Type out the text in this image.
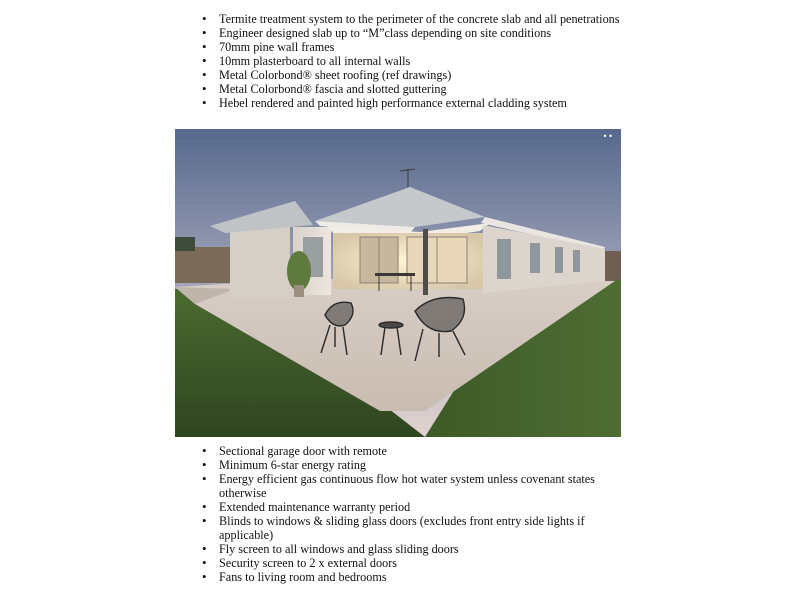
• Termite treatment system to the perimeter of the concrete slab and all penetrations
• Engineer designed slab up to “M”class depending on site conditions
• 70mm pine wall frames
• 10mm plasterboard to all internal walls
• Metal Colorbond® sheet roofing (ref drawings)
• Metal Colorbond® fascia and slotted guttering
• Hebel rendered and painted high performance external cladding system
••
• Sectional garage door with remote
• Minimum 6-star energy rating
• Energy efficient gas continuous flow hot water system unless covenant states otherwise
• Extended maintenance warranty period
• Blinds to windows & sliding glass doors (excludes front entry side lights if applicable)
• Fly screen to all windows and glass sliding doors
• Security screen to 2 x external doors
• Fans to living room and bedrooms
